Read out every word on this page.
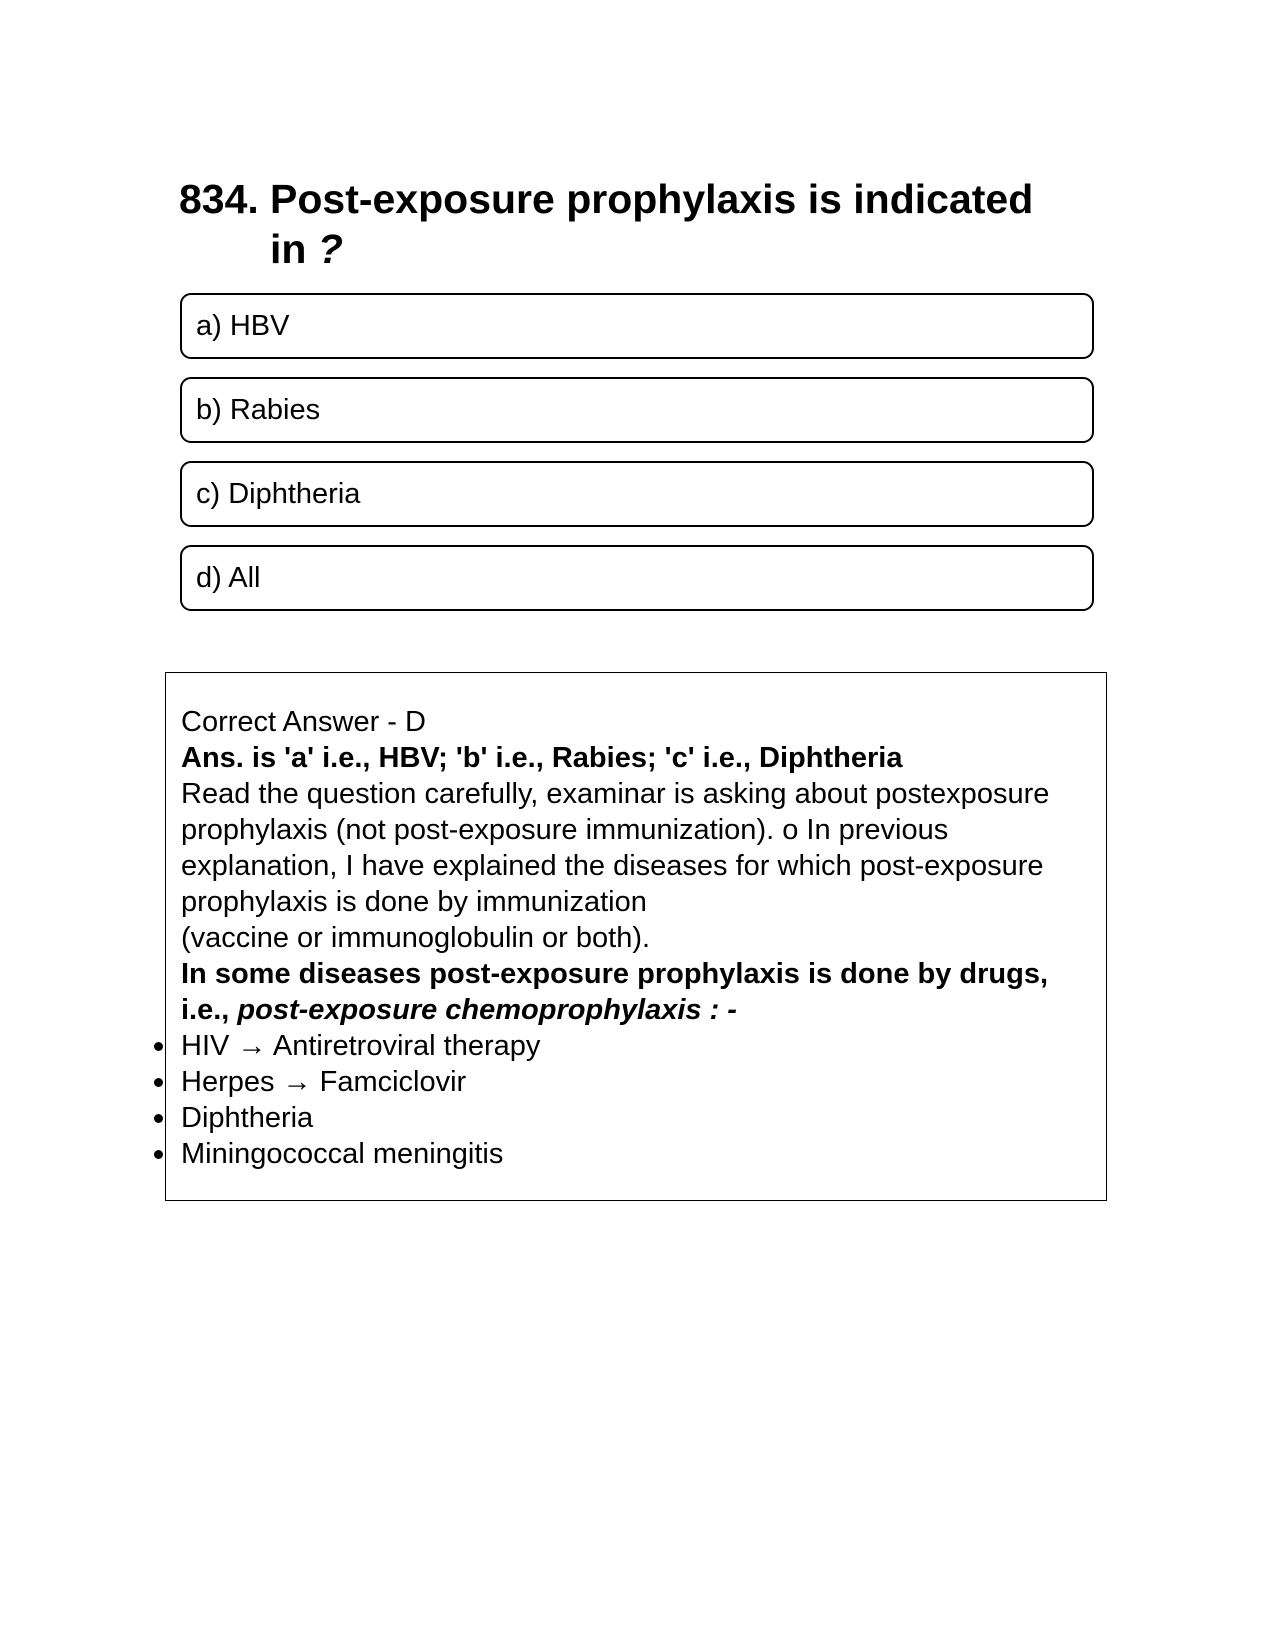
834. Post-exposure prophylaxis is indicated
in ?
a) HBV
b) Rabies
c) Diphtheria
d) All
Correct Answer - D
Ans. is 'a' i.e., HBV; 'b' i.e., Rabies; 'c' i.e., Diphtheria
Read the question carefully, examinar is asking about postexposure
prophylaxis (not post-exposure immunization). o In previous
explanation, I have explained the diseases for which post-exposure
prophylaxis is done by immunization
(vaccine or immunoglobulin or both).
In some diseases post-exposure prophylaxis is done by drugs,
i.e., post-exposure chemoprophylaxis : -
HIV → Antiretroviral therapy
Herpes → Famciclovir
Diphtheria
Miningococcal meningitis
